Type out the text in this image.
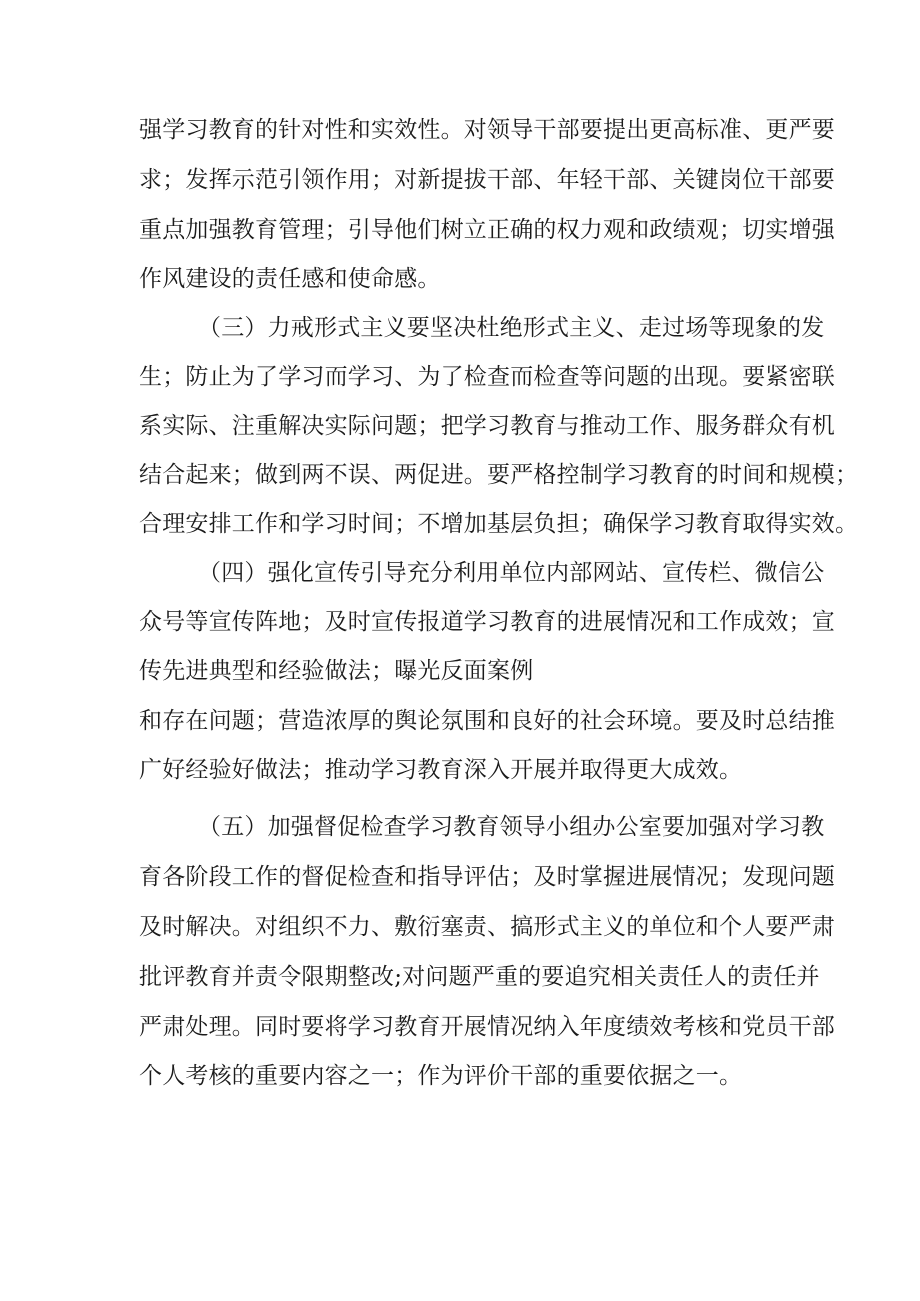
强学习教育的针对性和实效性。对领导干部要提出更高标准、更严要
求；发挥示范引领作用；对新提拔干部、年轻干部、关键岗位干部要
重点加强教育管理；引导他们树立正确的权力观和政绩观；切实增强
作风建设的责任感和使命感。
（三）力戒形式主义要坚决杜绝形式主义、走过场等现象的发
生；防止为了学习而学习、为了检查而检查等问题的出现。要紧密联
系实际、注重解决实际问题；把学习教育与推动工作、服务群众有机
结合起来；做到两不误、两促进。要严格控制学习教育的时间和规模；
合理安排工作和学习时间；不增加基层负担；确保学习教育取得实效。
（四）强化宣传引导充分利用单位内部网站、宣传栏、微信公
众号等宣传阵地；及时宣传报道学习教育的进展情况和工作成效；宣
传先进典型和经验做法；曝光反面案例
和存在问题；营造浓厚的舆论氛围和良好的社会环境。要及时总结推
广好经验好做法；推动学习教育深入开展并取得更大成效。
（五）加强督促检查学习教育领导小组办公室要加强对学习教
育各阶段工作的督促检查和指导评估；及时掌握进展情况；发现问题
及时解决。对组织不力、敷衍塞责、搞形式主义的单位和个人要严肃
批评教育并责令限期整改;对问题严重的要追究相关责任人的责任并
严肃处理。同时要将学习教育开展情况纳入年度绩效考核和党员干部
个人考核的重要内容之一；作为评价干部的重要依据之一。
